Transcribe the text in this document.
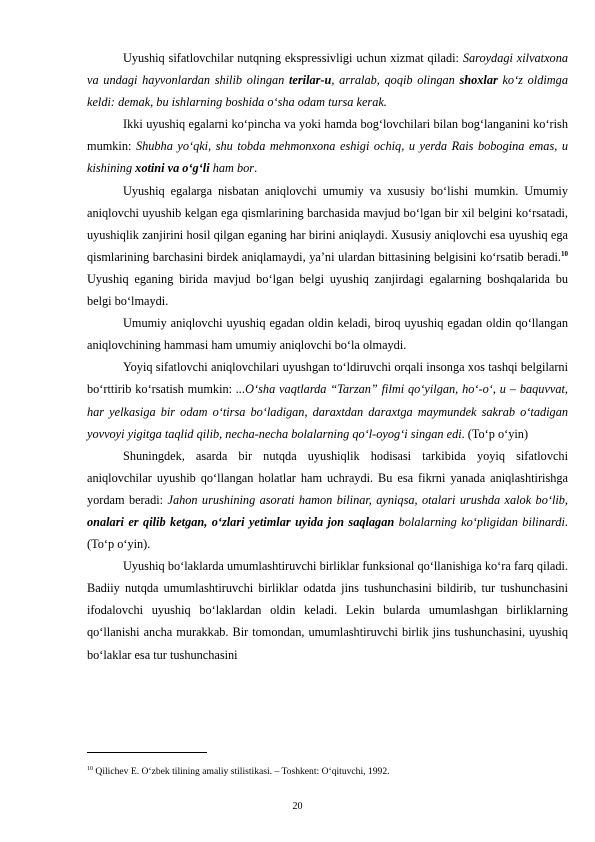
Uyushiq sifatlovchilar nutqning ekspressivligi uchun xizmat qiladi: Saroydagi xilvatxona va undagi hayvonlardan shilib olingan terilar-u, arralab, qoqib olingan shoxlar ko‘z oldimga keldi: demak, bu ishlarning boshida o‘sha odam tursa kerak.

Ikki uyushiq egalarni ko‘pincha va yoki hamda bog‘lovchilari bilan bog‘langanini ko‘rish mumkin: Shubha yo‘qki, shu tobda mehmonxona eshigi ochiq, u yerda Rais bobogina emas, u kishining xotini va o‘g‘li ham bor.

Uyushiq egalarga nisbatan aniqlovchi umumiy va xususiy bo‘lishi mumkin. Umumiy aniqlovchi uyushib kelgan ega qismlarining barchasida mavjud bo‘lgan bir xil belgini ko‘rsatadi, uyushiqlik zanjirini hosil qilgan eganing har birini aniqlaydi. Xususiy aniqlovchi esa uyushiq ega qismlarining barchasini birdek aniqlamaydi, ya’ni ulardan bittasining belgisini ko‘rsatib beradi.$^{10}$ Uyushiq eganing birida mavjud bo‘lgan belgi uyushiq zanjirdagi egalarning boshqalarida bu belgi bo‘lmaydi.

Umumiy aniqlovchi uyushiq egadan oldin keladi, biroq uyushiq egadan oldin qo‘llangan aniqlovchining hammasi ham umumiy aniqlovchi bo‘la olmaydi.

Yoyiq sifatlovchi aniqlovchilari uyushgan to‘ldiruvchi orqali insonga xos tashqi belgilarni bo‘rttirib ko‘rsatish mumkin: ...O‘sha vaqtlarda “Tarzan” filmi qo‘yilgan, ho‘-o‘, u – baquvvat, har yelkasiga bir odam o‘tirsa bo‘ladigan, daraxtdan daraxtga maymundek sakrab o‘tadigan yovvoyi yigitga taqlid qilib, necha-necha bolalarning qo‘l-oyog‘i singan edi. (To‘p o‘yin)

Shuningdek, asarda bir nutqda uyushiqlik hodisasi tarkibida yoyiq sifatlovchi aniqlovchilar uyushib qo‘llangan holatlar ham uchraydi. Bu esa fikrni yanada aniqlashtirishga yordam beradi: Jahon urushining asorati hamon bilinar, ayniqsa, otalari urushda xalok bo‘lib, onalari er qilib ketgan, o‘zlari yetimlar uyida jon saqlagan bolalarning ko‘pligidan bilinardi. (To‘p o‘yin).

Uyushiq bo‘laklarda umumlashtiruvchi birliklar funksional qo‘llanishiga ko‘ra farq qiladi. Badiiy nutqda umumlashtiruvchi birliklar odatda jins tushunchasini bildirib, tur tushunchasini ifodalovchi uyushiq bo‘laklardan oldin keladi. Lekin bularda umumlashgan birliklarning qo‘llanishi ancha murakkab. Bir tomondan, umumlashtiruvchi birlik jins tushunchasini, uyushiq bo‘laklar esa tur tushunchasini

$^{10}$ Qilichev E. O‘zbek tilining amaliy stilistikasi. – Toshkent: O‘qituvchi, 1992.
20
